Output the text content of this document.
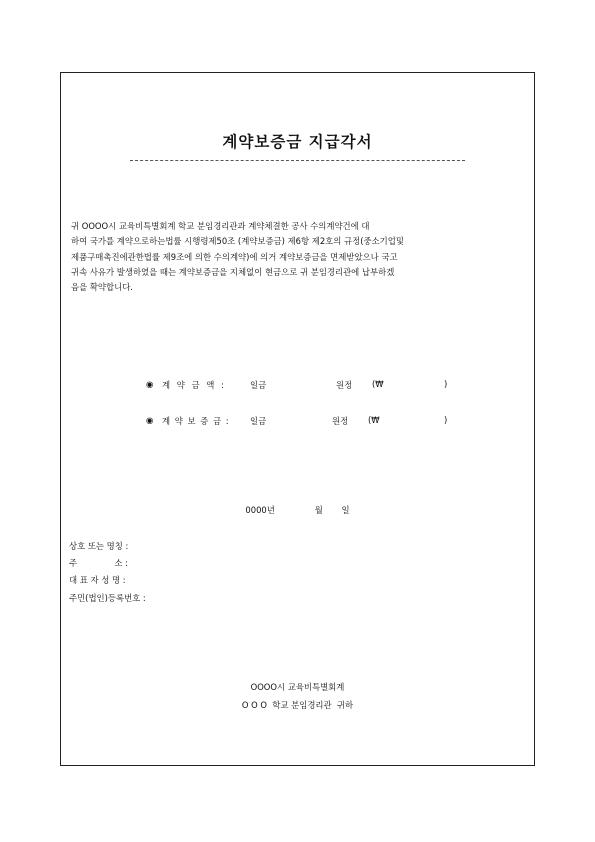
계약보증금 지급각서
귀 OOOO시 교육비특별회계 학교 분임경리관과 계약체결한 공사 수의계약건에 대
하여 국가를 계약으로하는법률 시행령제50조 (계약보증금) 제6항 제2호의 규정(중소기업및
제품구매촉진에관한법률 제9조에 의한 수의계약)에 의거 계약보증금을 면제받았으나 국고
귀속 사유가 발생하였을 때는 계약보증금을 지체없이 현금으로 귀 분임경리관에 납부하겠
음을 확약합니다.
◉ 계 약 금 액 :	일금	원정 (₩	)
◉ 계 약 보 증 금 :	일금	원정 (₩	)
0000년	월 일
상호 또는 명칭 :
주              소 :
대 표 자 성 명 :
주민(법인)등록번호 :
OOOO시 교육비특별회계
O O O  학교 분임경리관  귀하
